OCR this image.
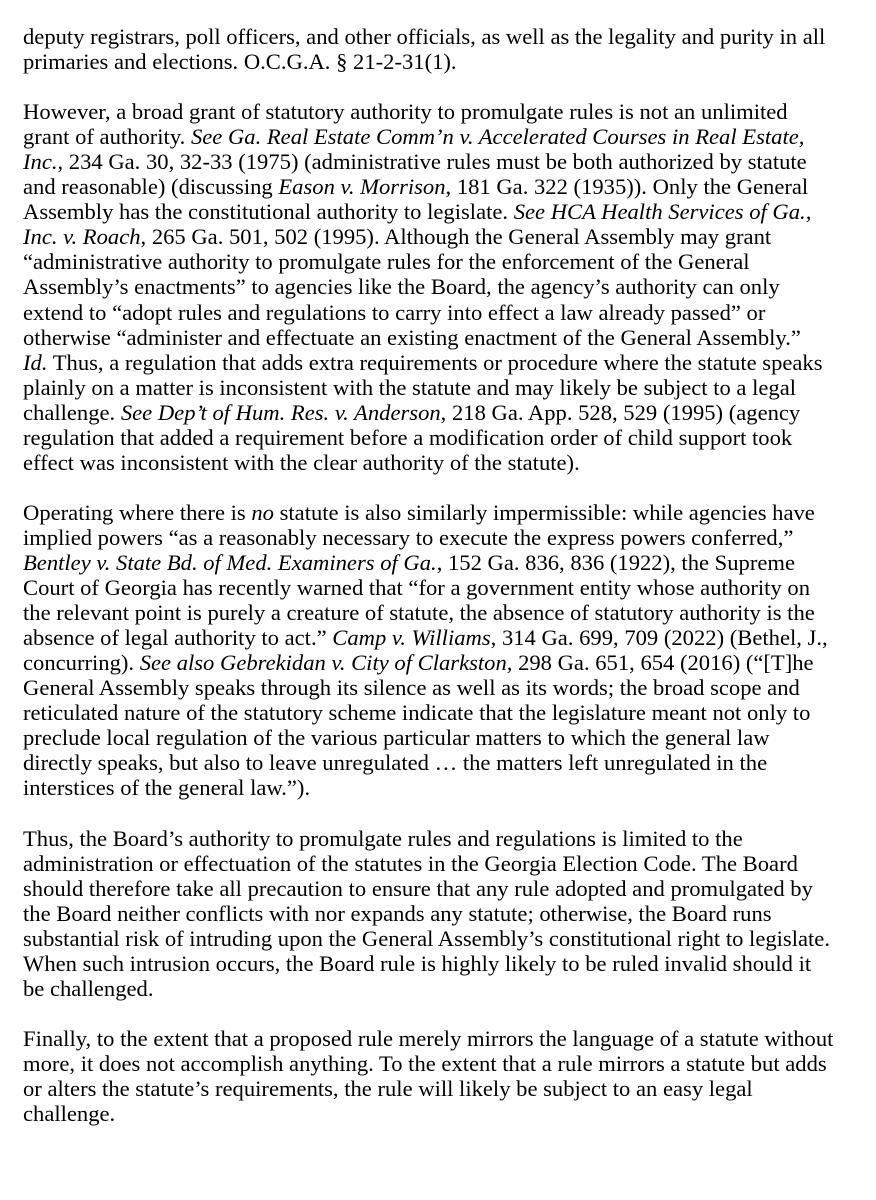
deputy registrars, poll officers, and other officials, as well as the legality and purity in all
primaries and elections. O.C.G.A. § 21-2-31(1).
However, a broad grant of statutory authority to promulgate rules is not an unlimited
grant of authority. See Ga. Real Estate Comm’n v. Accelerated Courses in Real Estate,
Inc., 234 Ga. 30, 32-33 (1975) (administrative rules must be both authorized by statute
and reasonable) (discussing Eason v. Morrison, 181 Ga. 322 (1935)). Only the General
Assembly has the constitutional authority to legislate. See HCA Health Services of Ga.,
Inc. v. Roach, 265 Ga. 501, 502 (1995). Although the General Assembly may grant
“administrative authority to promulgate rules for the enforcement of the General
Assembly’s enactments” to agencies like the Board, the agency’s authority can only
extend to “adopt rules and regulations to carry into effect a law already passed” or
otherwise “administer and effectuate an existing enactment of the General Assembly.”
Id. Thus, a regulation that adds extra requirements or procedure where the statute speaks
plainly on a matter is inconsistent with the statute and may likely be subject to a legal
challenge. See Dep’t of Hum. Res. v. Anderson, 218 Ga. App. 528, 529 (1995) (agency
regulation that added a requirement before a modification order of child support took
effect was inconsistent with the clear authority of the statute).
Operating where there is no statute is also similarly impermissible: while agencies have
implied powers “as a reasonably necessary to execute the express powers conferred,”
Bentley v. State Bd. of Med. Examiners of Ga., 152 Ga. 836, 836 (1922), the Supreme
Court of Georgia has recently warned that “for a government entity whose authority on
the relevant point is purely a creature of statute, the absence of statutory authority is the
absence of legal authority to act.” Camp v. Williams, 314 Ga. 699, 709 (2022) (Bethel, J.,
concurring). See also Gebrekidan v. City of Clarkston, 298 Ga. 651, 654 (2016) (“[T]he
General Assembly speaks through its silence as well as its words; the broad scope and
reticulated nature of the statutory scheme indicate that the legislature meant not only to
preclude local regulation of the various particular matters to which the general law
directly speaks, but also to leave unregulated … the matters left unregulated in the
interstices of the general law.”).
Thus, the Board’s authority to promulgate rules and regulations is limited to the
administration or effectuation of the statutes in the Georgia Election Code. The Board
should therefore take all precaution to ensure that any rule adopted and promulgated by
the Board neither conflicts with nor expands any statute; otherwise, the Board runs
substantial risk of intruding upon the General Assembly’s constitutional right to legislate.
When such intrusion occurs, the Board rule is highly likely to be ruled invalid should it
be challenged.
Finally, to the extent that a proposed rule merely mirrors the language of a statute without
more, it does not accomplish anything. To the extent that a rule mirrors a statute but adds
or alters the statute’s requirements, the rule will likely be subject to an easy legal
challenge.
